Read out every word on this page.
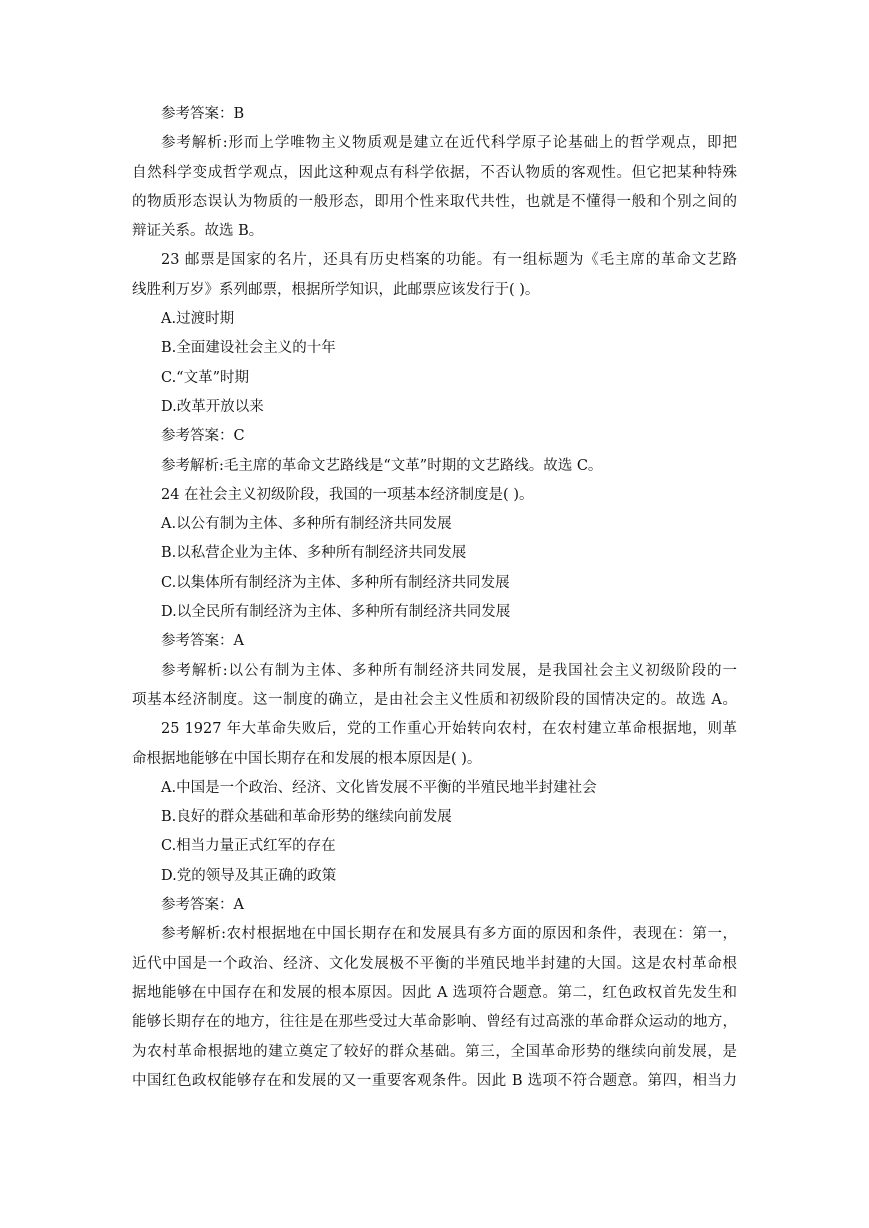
参考答案：B
参考解析:形而上学唯物主义物质观是建立在近代科学原子论基础上的哲学观点，即把
自然科学变成哲学观点，因此这种观点有科学依据，不否认物质的客观性。但它把某种特殊
的物质形态误认为物质的一般形态，即用个性来取代共性，也就是不懂得一般和个别之间的
辩证关系。故选 B。
23 邮票是国家的名片，还具有历史档案的功能。有一组标题为《毛主席的革命文艺路
线胜利万岁》系列邮票，根据所学知识，此邮票应该发行于( )。
A.过渡时期
B.全面建设社会主义的十年
C.“文革”时期
D.改革开放以来
参考答案：C
参考解析:毛主席的革命文艺路线是“文革”时期的文艺路线。故选 C。
24 在社会主义初级阶段，我国的一项基本经济制度是( )。
A.以公有制为主体、多种所有制经济共同发展
B.以私营企业为主体、多种所有制经济共同发展
C.以集体所有制经济为主体、多种所有制经济共同发展
D.以全民所有制经济为主体、多种所有制经济共同发展
参考答案：A
参考解析:以公有制为主体、多种所有制经济共同发展，是我国社会主义初级阶段的一
项基本经济制度。这一制度的确立，是由社会主义性质和初级阶段的国情决定的。故选 A。
25 1927 年大革命失败后，党的工作重心开始转向农村，在农村建立革命根据地，则革
命根据地能够在中国长期存在和发展的根本原因是( )。
A.中国是一个政治、经济、文化皆发展不平衡的半殖民地半封建社会
B.良好的群众基础和革命形势的继续向前发展
C.相当力量正式红军的存在
D.党的领导及其正确的政策
参考答案：A
参考解析:农村根据地在中国长期存在和发展具有多方面的原因和条件，表现在：第一，
近代中国是一个政治、经济、文化发展极不平衡的半殖民地半封建的大国。这是农村革命根
据地能够在中国存在和发展的根本原因。因此 A 选项符合题意。第二，红色政权首先发生和
能够长期存在的地方，往往是在那些受过大革命影响、曾经有过高涨的革命群众运动的地方，
为农村革命根据地的建立奠定了较好的群众基础。第三，全国革命形势的继续向前发展，是
中国红色政权能够存在和发展的又一重要客观条件。因此 B 选项不符合题意。第四，相当力
